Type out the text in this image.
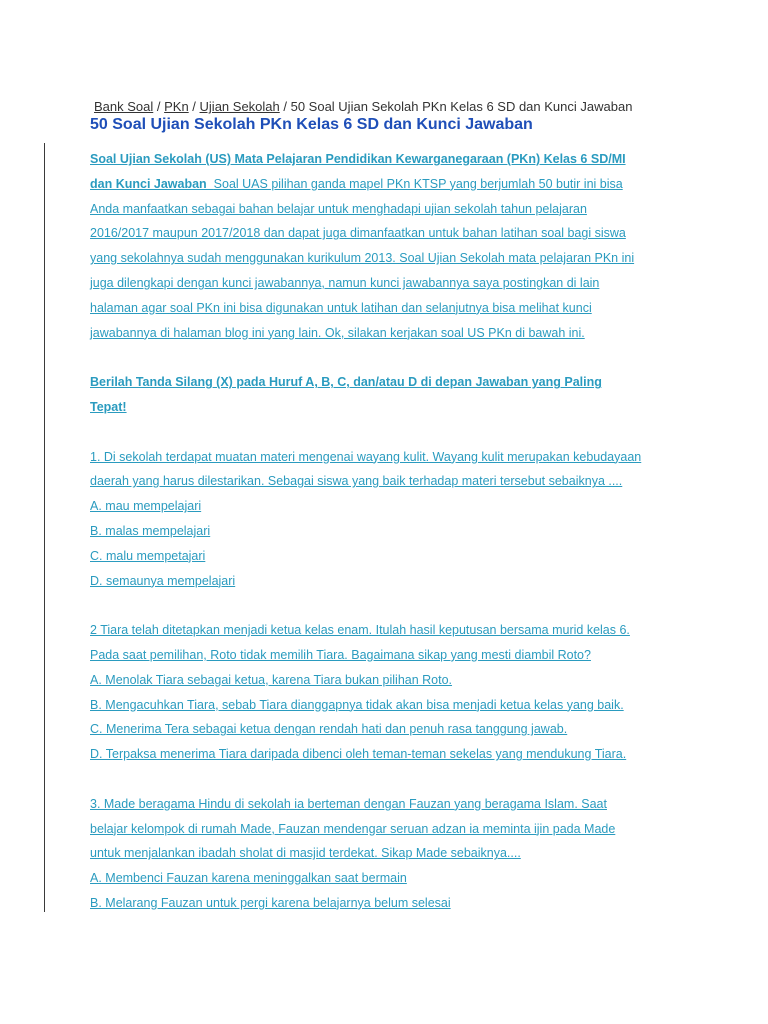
Bank Soal / PKn / Ujian Sekolah / 50 Soal Ujian Sekolah PKn Kelas 6 SD dan Kunci Jawaban
50 Soal Ujian Sekolah PKn Kelas 6 SD dan Kunci Jawaban
Soal Ujian Sekolah (US) Mata Pelajaran Pendidikan Kewarganegaraan (PKn) Kelas 6 SD/MI
dan Kunci Jawaban_Soal UAS pilihan ganda mapel PKn KTSP yang berjumlah 50 butir ini bisa
Anda manfaatkan sebagai bahan belajar untuk menghadapi ujian sekolah tahun pelajaran
2016/2017 maupun 2017/2018 dan dapat juga dimanfaatkan untuk bahan latihan soal bagi siswa
yang sekolahnya sudah menggunakan kurikulum 2013. Soal Ujian Sekolah mata pelajaran PKn ini
juga dilengkapi dengan kunci jawabannya, namun kunci jawabannya saya postingkan di lain
halaman agar soal PKn ini bisa digunakan untuk latihan dan selanjutnya bisa melihat kunci
jawabannya di halaman blog ini yang lain. Ok, silakan kerjakan soal US PKn di bawah ini.
Berilah Tanda Silang (X) pada Huruf A, B, C, dan/atau D di depan Jawaban yang Paling
Tepat!
1. Di sekolah terdapat muatan materi mengenai wayang kulit. Wayang kulit merupakan kebudayaan
daerah yang harus dilestarikan. Sebagai siswa yang baik terhadap materi tersebut sebaiknya ....
A. mau mempelajari
B. malas mempelajari
C. malu mempetajari
D. semaunya mempelajari
2 Tiara telah ditetapkan menjadi ketua kelas enam. Itulah hasil keputusan bersama murid kelas 6.
Pada saat pemilihan, Roto tidak memilih Tiara. Bagaimana sikap yang mesti diambil Roto?
A. Menolak Tiara sebagai ketua, karena Tiara bukan pilihan Roto.
B. Mengacuhkan Tiara, sebab Tiara dianggapnya tidak akan bisa menjadi ketua kelas yang baik.
C. Menerima Tera sebagai ketua dengan rendah hati dan penuh rasa tanggung jawab.
D. Terpaksa menerima Tiara daripada dibenci oleh teman-teman sekelas yang mendukung Tiara.
3. Made beragama Hindu di sekolah ia berteman dengan Fauzan yang beragama Islam. Saat
belajar kelompok di rumah Made, Fauzan mendengar seruan adzan ia meminta ijin pada Made
untuk menjalankan ibadah sholat di masjid terdekat. Sikap Made sebaiknya....
A. Membenci Fauzan karena meninggalkan saat bermain
B. Melarang Fauzan untuk pergi karena belajarnya belum selesai
